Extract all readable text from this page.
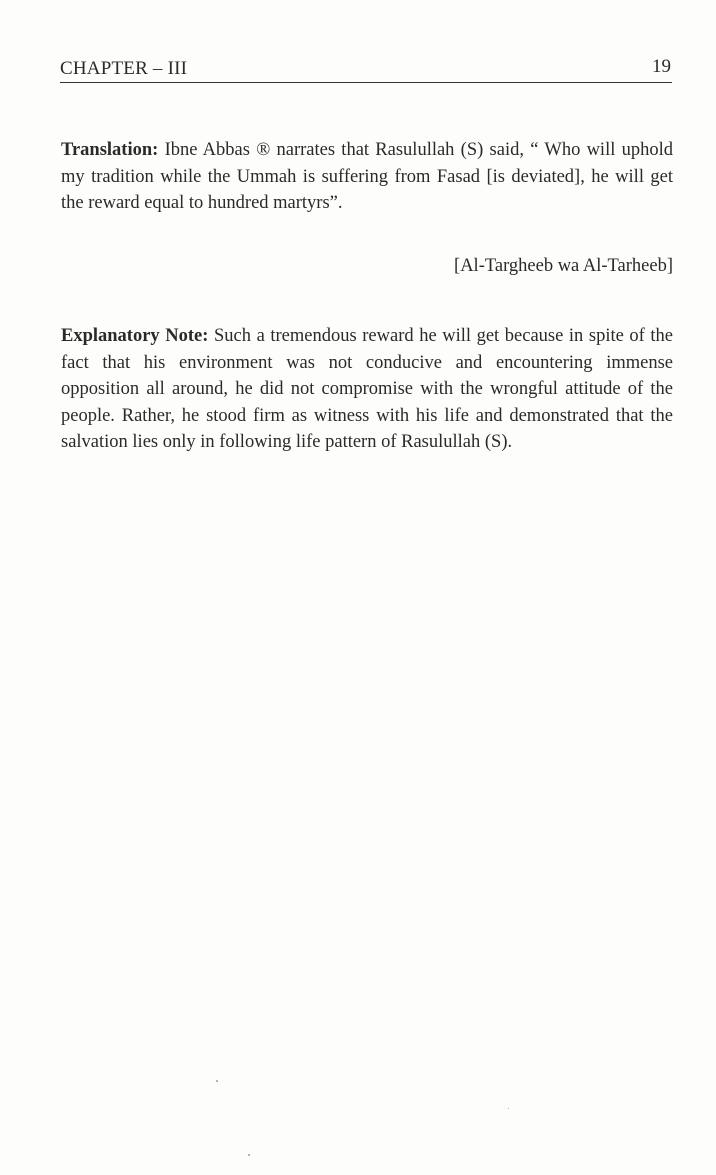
CHAPTER – III	19

Translation: Ibne Abbas ® narrates that Rasulullah (S) said, “ Who will uphold my tradition while the Ummah is suffering from Fasad [is deviated], he will get the reward equal to hundred martyrs”.

[Al-Targheeb wa Al-Tarheeb]

Explanatory Note: Such a tremendous reward he will get because in spite of the fact that his environment was not conducive and encountering immense opposition all around, he did not compromise with the wrongful attitude of the people. Rather, he stood firm as witness with his life and demonstrated that the salvation lies only in following life pattern of Rasulullah (S).
